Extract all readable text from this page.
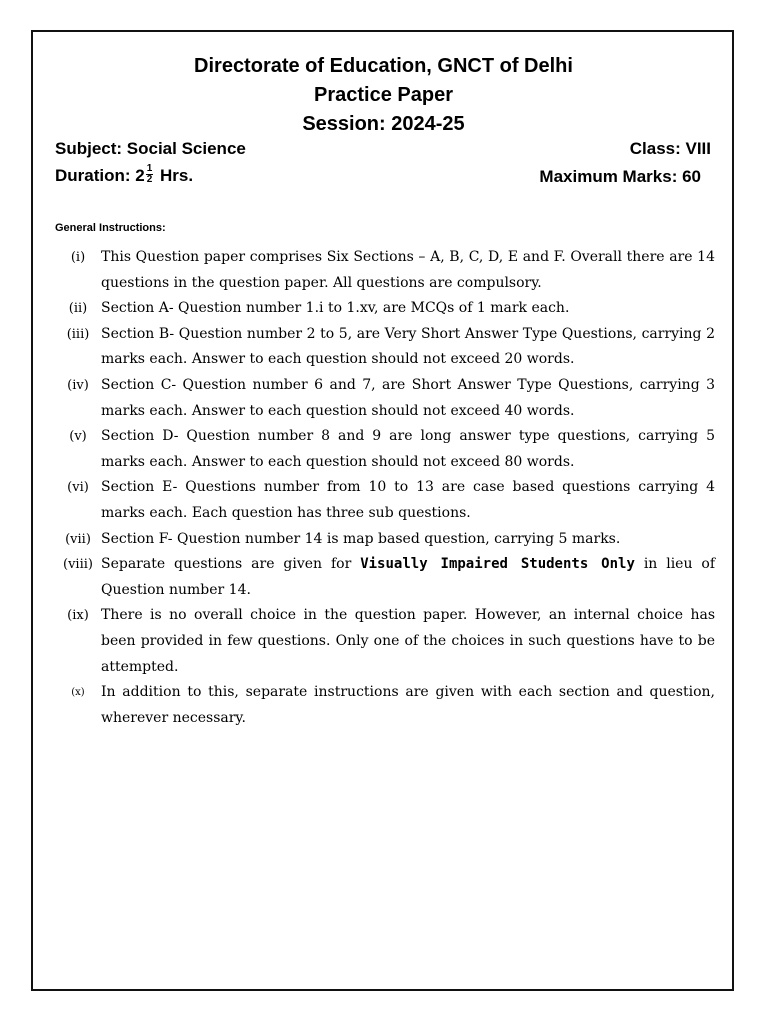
Directorate of Education, GNCT of Delhi
Practice Paper
Session: 2024-25
Subject: Social Science	Class: VIII
Duration: $2 \frac{1}{2}$ Hrs.	Maximum Marks: 60
General Instructions:
(i)	This Question paper comprises Six Sections – A, B, C, D, E and F. Overall there are 14 questions in the question paper. All questions are compulsory.
(ii) Section A- Question number 1.i to 1.xv, are MCQs of 1 mark each.
(iii) Section B- Question number 2 to 5, are Very Short Answer Type Questions, carrying 2 marks each. Answer to each question should not exceed 20 words.
(iv) Section C- Question number 6 and 7, are Short Answer Type Questions, carrying 3 marks each. Answer to each question should not exceed 40 words.
(v)	Section D- Question number 8 and 9 are long answer type questions, carrying 5 marks each. Answer to each question should not exceed 80 words.
(vi) Section E- Questions number from 10 to 13 are case based questions carrying 4 marks each. Each question has three sub questions.
(vii) Section F- Question number 14 is map based question, carrying 5 marks.
(viii) Separate questions are given for Visually Impaired Students Only in lieu of Question number 14.
(ix) There is no overall choice in the question paper. However, an internal choice has been provided in few questions. Only one of the choices in such questions have to be attempted.
(x)	In addition to this, separate instructions are given with each section and question, wherever necessary.
